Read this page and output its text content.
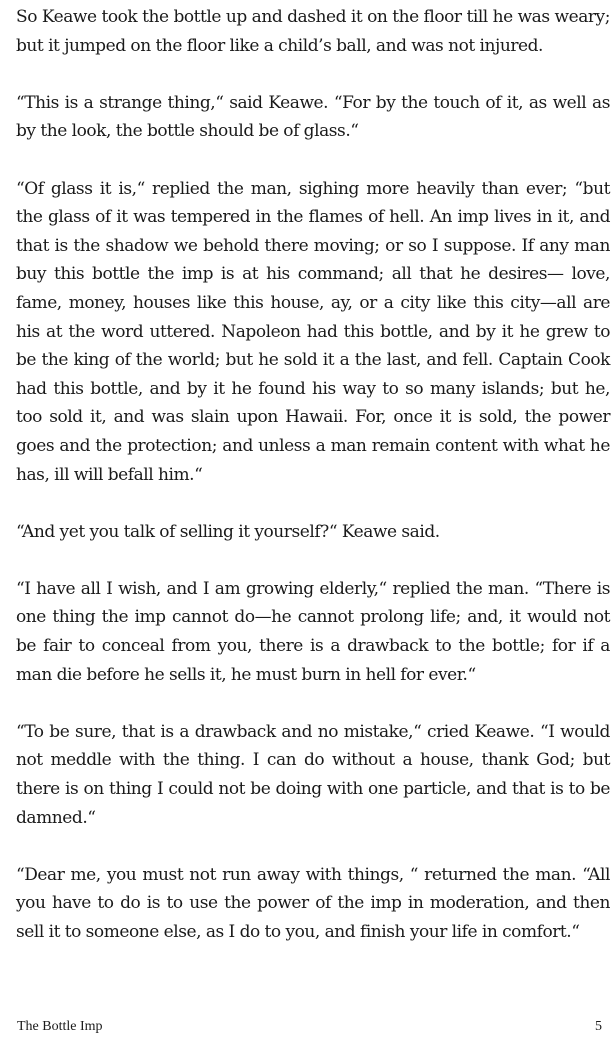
So Keawe took the bottle up and dashed it on the floor till he was weary; but it jumped on the floor like a child’s ball, and was not injured.

“This is a strange thing,“ said Keawe. “For by the touch of it, as well as by the look, the bottle should be of glass.“

“Of glass it is,“ replied the man, sighing more heavily than ever; “but the glass of it was tempered in the flames of hell. An imp lives in it, and that is the shadow we behold there moving; or so I suppose. If any man buy this bottle the imp is at his command; all that he desires— love, fame, money, houses like this house, ay, or a city like this city—all are his at the word uttered. Napoleon had this bottle, and by it he grew to be the king of the world; but he sold it a the last, and fell. Captain Cook had this bottle, and by it he found his way to so many islands; but he, too sold it, and was slain upon Hawaii. For, once it is sold, the power goes and the protection; and unless a man remain content with what he has, ill will befall him.“

“And yet you talk of selling it yourself?“ Keawe said.

“I have all I wish, and I am growing elderly,“ replied the man. “There is one thing the imp cannot do—he cannot prolong life; and, it would not be fair to conceal from you, there is a drawback to the bottle; for if a man die before he sells it, he must burn in hell for ever.“

“To be sure, that is a drawback and no mistake,“ cried Keawe. “I would not meddle with the thing. I can do without a house, thank God; but there is on thing I could not be doing with one particle, and that is to be damned.“

“Dear me, you must not run away with things, “ returned the man. “All you have to do is to use the power of the imp in moderation, and then sell it to someone else, as I do to you, and finish your life in comfort.“

The Bottle Imp	5
